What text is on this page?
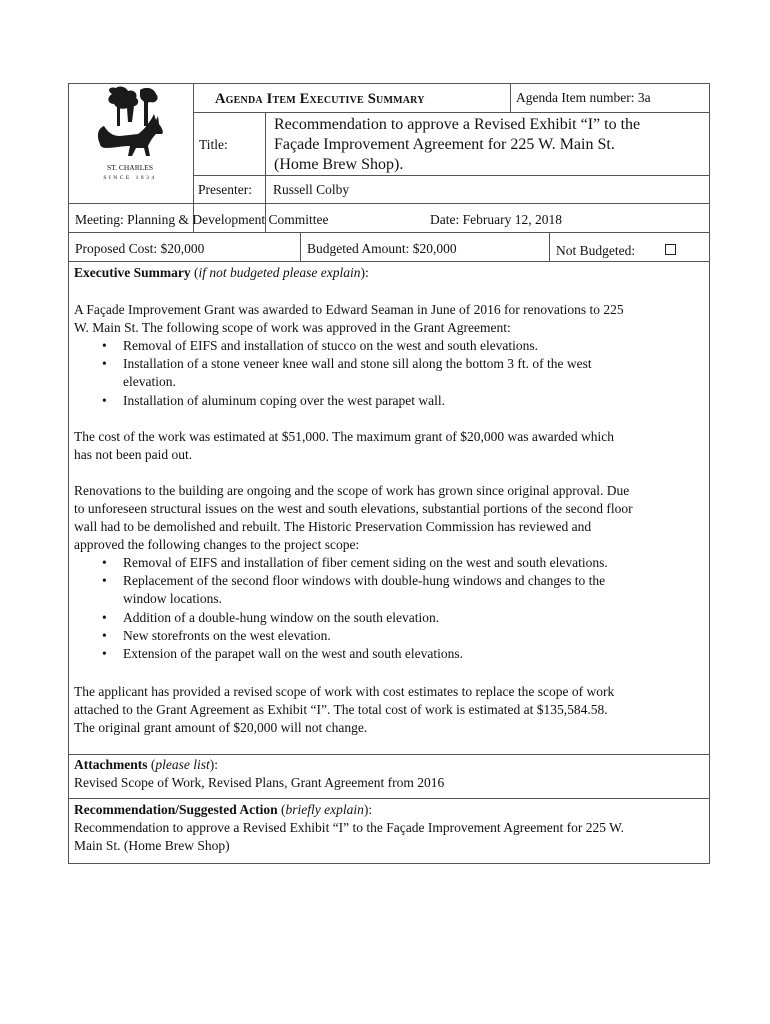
ST. CHARLES
SINCE 1834
Agenda Item Executive Summary	Agenda Item number: 3a
Title:
Recommendation to approve a Revised Exhibit “I” to the
Façade Improvement Agreement for 225 W. Main St.
(Home Brew Shop).
Presenter: Russell Colby
Meeting: Planning & Development Committee	Date: February 12, 2018
Proposed Cost: $20,000	Budgeted Amount: $20,000	Not Budgeted:
Executive Summary (if not budgeted please explain):
A Façade Improvement Grant was awarded to Edward Seaman in June of 2016 for renovations to 225
W. Main St. The following scope of work was approved in the Grant Agreement:
• Removal of EIFS and installation of stucco on the west and south elevations.
• Installation of a stone veneer knee wall and stone sill along the bottom 3 ft. of the west
elevation.
• Installation of aluminum coping over the west parapet wall.
The cost of the work was estimated at $51,000. The maximum grant of $20,000 was awarded which
has not been paid out.
Renovations to the building are ongoing and the scope of work has grown since original approval. Due
to unforeseen structural issues on the west and south elevations, substantial portions of the second floor
wall had to be demolished and rebuilt. The Historic Preservation Commission has reviewed and
approved the following changes to the project scope:
• Removal of EIFS and installation of fiber cement siding on the west and south elevations.
• Replacement of the second floor windows with double-hung windows and changes to the
window locations.
• Addition of a double-hung window on the south elevation.
• New storefronts on the west elevation.
• Extension of the parapet wall on the west and south elevations.
The applicant has provided a revised scope of work with cost estimates to replace the scope of work
attached to the Grant Agreement as Exhibit “I”. The total cost of work is estimated at $135,584.58.
The original grant amount of $20,000 will not change.
Attachments (please list):
Revised Scope of Work, Revised Plans, Grant Agreement from 2016
Recommendation/Suggested Action (briefly explain):
Recommendation to approve a Revised Exhibit “I” to the Façade Improvement Agreement for 225 W.
Main St. (Home Brew Shop)
